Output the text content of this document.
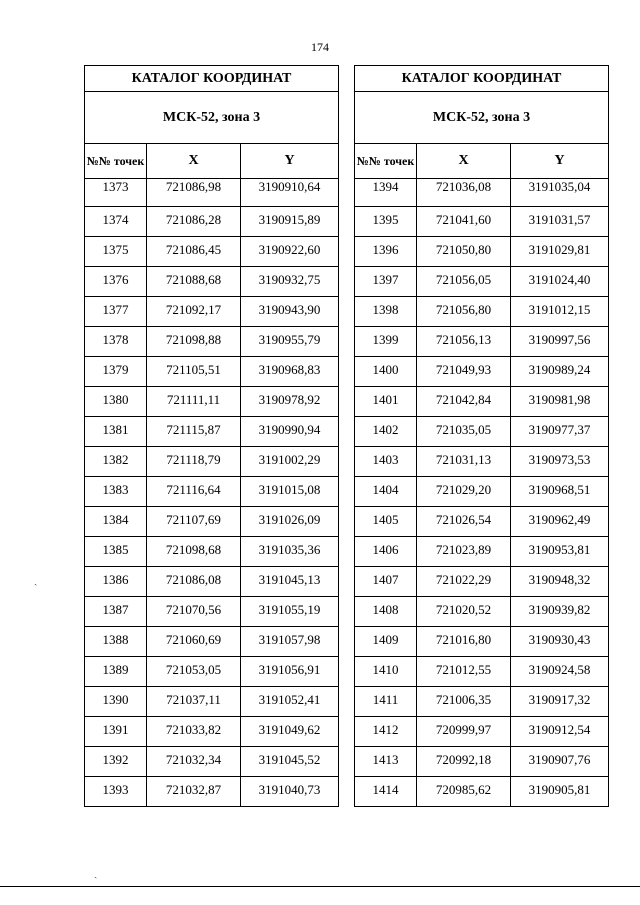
174
КАТАЛОГ КООРДИНАТ		
МСК-52, зона 3		
№№ точек	X	Y
1373	721086,98	3190910,64
1374	721086,28	3190915,89
1375	721086,45	3190922,60
1376	721088,68	3190932,75
1377	721092,17	3190943,90
1378	721098,88	3190955,79
1379	721105,51	3190968,83
1380	721111,11	3190978,92
1381	721115,87	3190990,94
1382	721118,79	3191002,29
1383	721116,64	3191015,08
1384	721107,69	3191026,09
1385	721098,68	3191035,36
1386	721086,08	3191045,13
1387	721070,56	3191055,19
1388	721060,69	3191057,98
1389	721053,05	3191056,91
1390	721037,11	3191052,41
1391	721033,82	3191049,62
1392	721032,34	3191045,52
1393	721032,87	3191040,73
КАТАЛОГ КООРДИНАТ		
МСК-52, зона 3		
№№ точек	X	Y
1394	721036,08	3191035,04
1395	721041,60	3191031,57
1396	721050,80	3191029,81
1397	721056,05	3191024,40
1398	721056,80	3191012,15
1399	721056,13	3190997,56
1400	721049,93	3190989,24
1401	721042,84	3190981,98
1402	721035,05	3190977,37
1403	721031,13	3190973,53
1404	721029,20	3190968,51
1405	721026,54	3190962,49
1406	721023,89	3190953,81
1407	721022,29	3190948,32
1408	721020,52	3190939,82
1409	721016,80	3190930,43
1410	721012,55	3190924,58
1411	721006,35	3190917,32
1412	720999,97	3190912,54
1413	720992,18	3190907,76
1414	720985,62	3190905,81
ˏ
ˏ
